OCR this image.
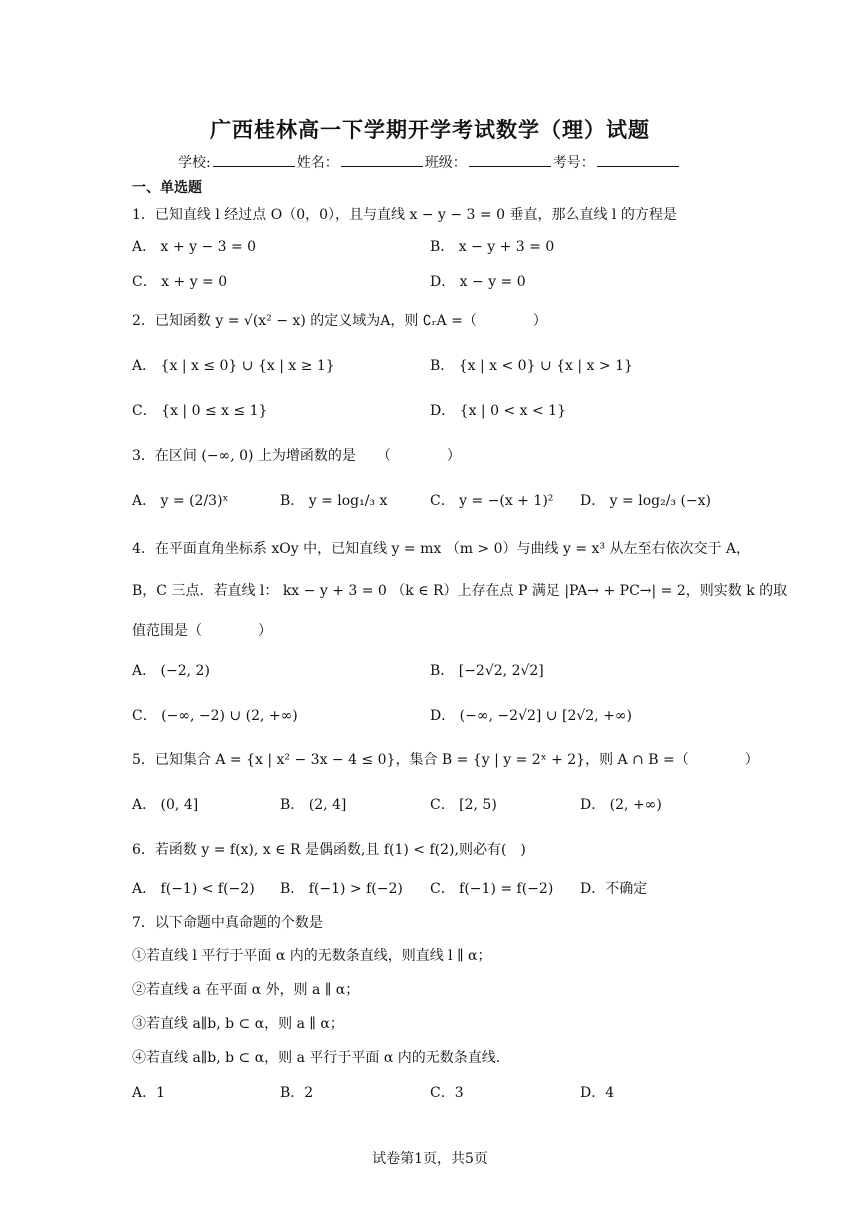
广西桂林高一下学期开学考试数学（理）试题
学校:	姓名：	班级：	考号：
一、单选题
1．已知直线 l 经过点 O（0，0），且与直线 x − y − 3 = 0 垂直，那么直线 l 的方程是
A． x + y − 3 = 0	B． x − y + 3 = 0
C． x + y = 0	D． x − y = 0
2．已知函数 y = √(x² − x) 的定义域为A，则 ∁ᵣA =（　　　　）
A． {x | x ≤ 0} ∪ {x | x ≥ 1}	B． {x | x < 0} ∪ {x | x > 1}
C． {x | 0 ≤ x ≤ 1}	D． {x | 0 < x < 1}
3．在区间 (−∞, 0) 上为增函数的是　　（　　　　）
A． y = (2/3)ˣ	B． y = log₁/₃ x	C． y = −(x + 1)² D． y = log₂/₃ (−x)
4．在平面直角坐标系 xOy 中，已知直线 y = mx （m > 0）与曲线 y = x³ 从左至右依次交于 A，
B，C 三点．若直线 l： kx − y + 3 = 0 （k ∈ R）上存在点 P 满足 |PA→ + PC→| = 2，则实数 k 的取
值范围是（　　　　）
A． (−2, 2)	B． [−2√2, 2√2]
C． (−∞, −2) ∪ (2, +∞)	D． (−∞, −2√2] ∪ [2√2, +∞)
5．已知集合 A = {x | x² − 3x − 4 ≤ 0}，集合 B = {y | y = 2ˣ + 2}，则 A ∩ B =（　　　　）
A． (0, 4]	B． (2, 4]	C． [2, 5)	D． (2, +∞)
6．若函数 y = f(x), x ∈ R 是偶函数,且 f(1) < f(2),则必有(　)
A． f(−1) < f(−2) B． f(−1) > f(−2) C． f(−1) = f(−2) D．不确定
7．以下命题中真命题的个数是
①若直线 l 平行于平面 α 内的无数条直线，则直线 l ∥ α；
②若直线 a 在平面 α 外，则 a ∥ α；
③若直线 a∥b, b ⊂ α，则 a ∥ α；
④若直线 a∥b, b ⊂ α，则 a 平行于平面 α 内的无数条直线.
A．1	B．2	C．3	D．4
试卷第1页，共5页
